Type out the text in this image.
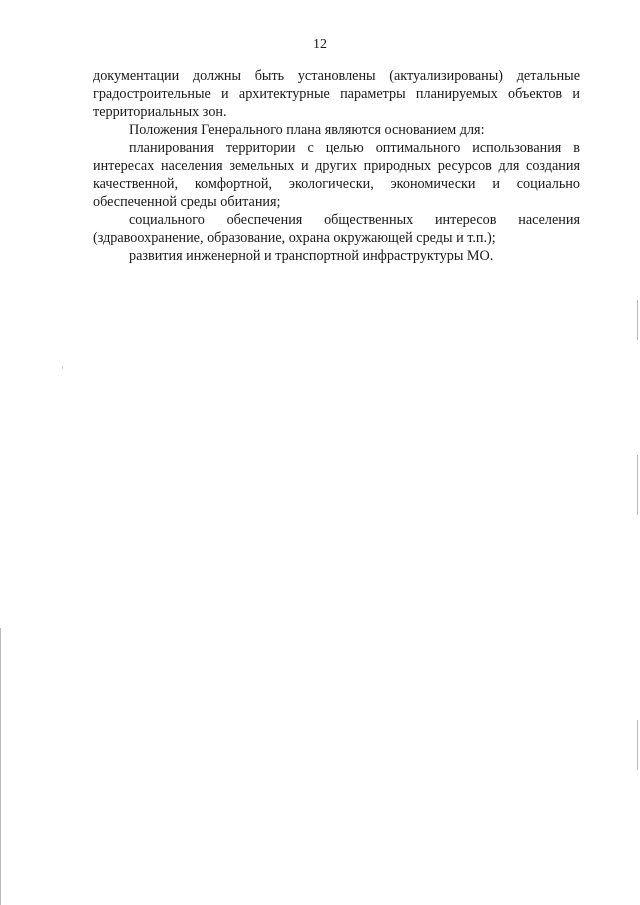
12

документации должны быть установлены (актуализированы) детальные градостроительные и архитектурные параметры планируемых объектов и территориальных зон.

Положения Генерального плана являются основанием для:

планирования территории с целью оптимального использования в интересах населения земельных и других природных ресурсов для создания качественной, комфортной, экологически, экономически и социально обеспеченной среды обитания;

социального обеспечения общественных интересов населения (здравоохранение, образование, охрана окружающей среды и т.п.);

развития инженерной и транспортной инфраструктуры МО.
